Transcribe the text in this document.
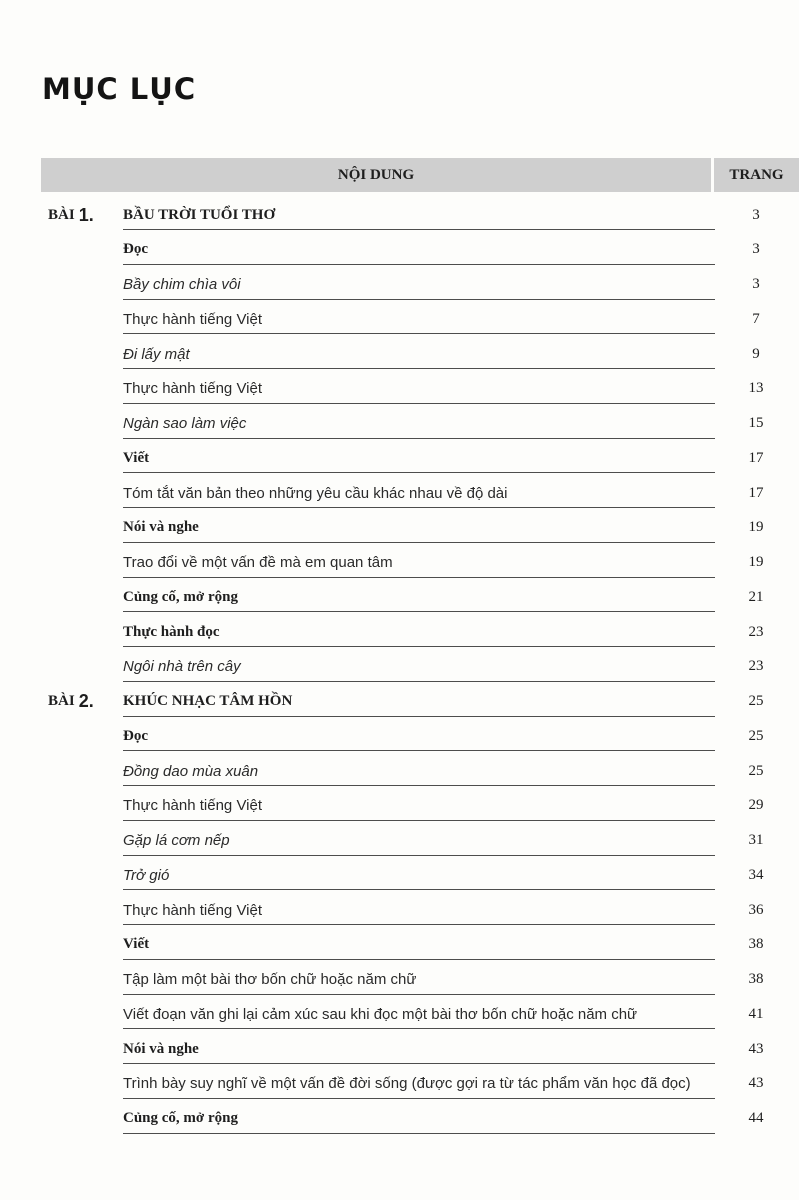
MỤC LỤC
NỘI DUNG	TRANG
BÀI 1. BẦU TRỜI TUỔI THƠ	3
Đọc	3
Bầy chim chìa vôi	3
Thực hành tiếng Việt	7
Đi lấy mật	9
Thực hành tiếng Việt	13
Ngàn sao làm việc	15
Viết	17
Tóm tắt văn bản theo những yêu cầu khác nhau về độ dài	17
Nói và nghe	19
Trao đổi về một vấn đề mà em quan tâm	19
Củng cố, mở rộng	21
Thực hành đọc	23
Ngôi nhà trên cây	23
BÀI 2. KHÚC NHẠC TÂM HỒN	25
Đọc	25
Đồng dao mùa xuân	25
Thực hành tiếng Việt	29
Gặp lá cơm nếp	31
Trở gió	34
Thực hành tiếng Việt	36
Viết	38
Tập làm một bài thơ bốn chữ hoặc năm chữ	38
Viết đoạn văn ghi lại cảm xúc sau khi đọc một bài thơ bốn chữ hoặc năm chữ	41
Nói và nghe	43
Trình bày suy nghĩ về một vấn đề đời sống (được gợi ra từ tác phẩm văn học đã đọc)	43
Củng cố, mở rộng	44
